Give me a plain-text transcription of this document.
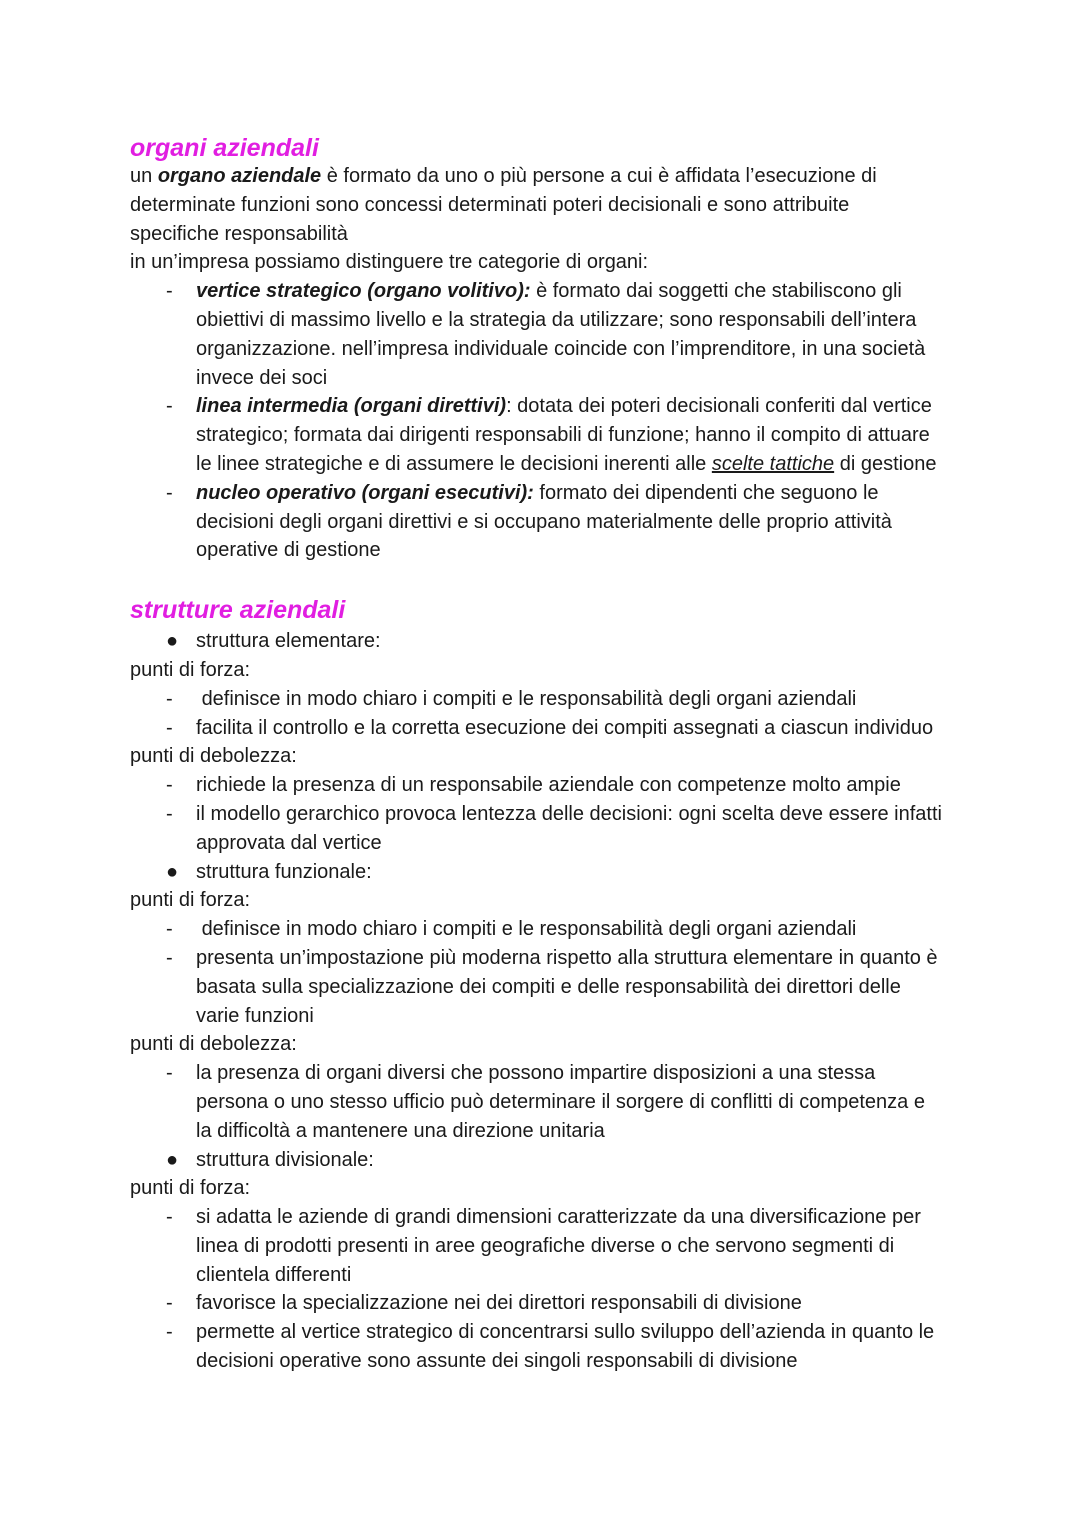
organi aziendali

un organo aziendale è formato da uno o più persone a cui è affidata l’esecuzione di determinate funzioni sono concessi determinati poteri decisionali e sono attribuite specifiche responsabilità

in un’impresa possiamo distinguere tre categorie di organi:

-	vertice strategico (organo volitivo): è formato dai soggetti che stabiliscono gli obiettivi di massimo livello e la strategia da utilizzare; sono responsabili dell’intera organizzazione. nell’impresa individuale coincide con l’imprenditore, in una società invece dei soci
-	linea intermedia (organi direttivi): dotata dei poteri decisionali conferiti dal vertice strategico; formata dai dirigenti responsabili di funzione; hanno il compito di attuare le linee strategiche e di assumere le decisioni inerenti alle scelte tattiche di gestione
-	nucleo operativo (organi esecutivi): formato dei dipendenti che seguono le decisioni degli organi direttivi e si occupano materialmente delle proprio attività operative di gestione
strutture aziendali
● struttura elementare:

punti di forza:

-	definisce in modo chiaro i compiti e le responsabilità degli organi aziendali
-	facilita il controllo e la corretta esecuzione dei compiti assegnati a ciascun individuo

punti di debolezza:

-	richiede la presenza di un responsabile aziendale con competenze molto ampie
-	il modello gerarchico provoca lentezza delle decisioni: ogni scelta deve essere infatti approvata dal vertice
● struttura funzionale:

punti di forza:

-	definisce in modo chiaro i compiti e le responsabilità degli organi aziendali
-	presenta un’impostazione più moderna rispetto alla struttura elementare in quanto è basata sulla specializzazione dei compiti e delle responsabilità dei direttori delle varie funzioni

punti di debolezza:

-	la presenza di organi diversi che possono impartire disposizioni a una stessa persona o uno stesso ufficio può determinare il sorgere di conflitti di competenza e la difficoltà a mantenere una direzione unitaria
● struttura divisionale:

punti di forza:

-	si adatta le aziende di grandi dimensioni caratterizzate da una diversificazione per linea di prodotti presenti in aree geografiche diverse o che servono segmenti di clientela differenti
-	favorisce la specializzazione nei dei direttori responsabili di divisione
-	permette al vertice strategico di concentrarsi sullo sviluppo dell’azienda in quanto le decisioni operative sono assunte dei singoli responsabili di divisione
